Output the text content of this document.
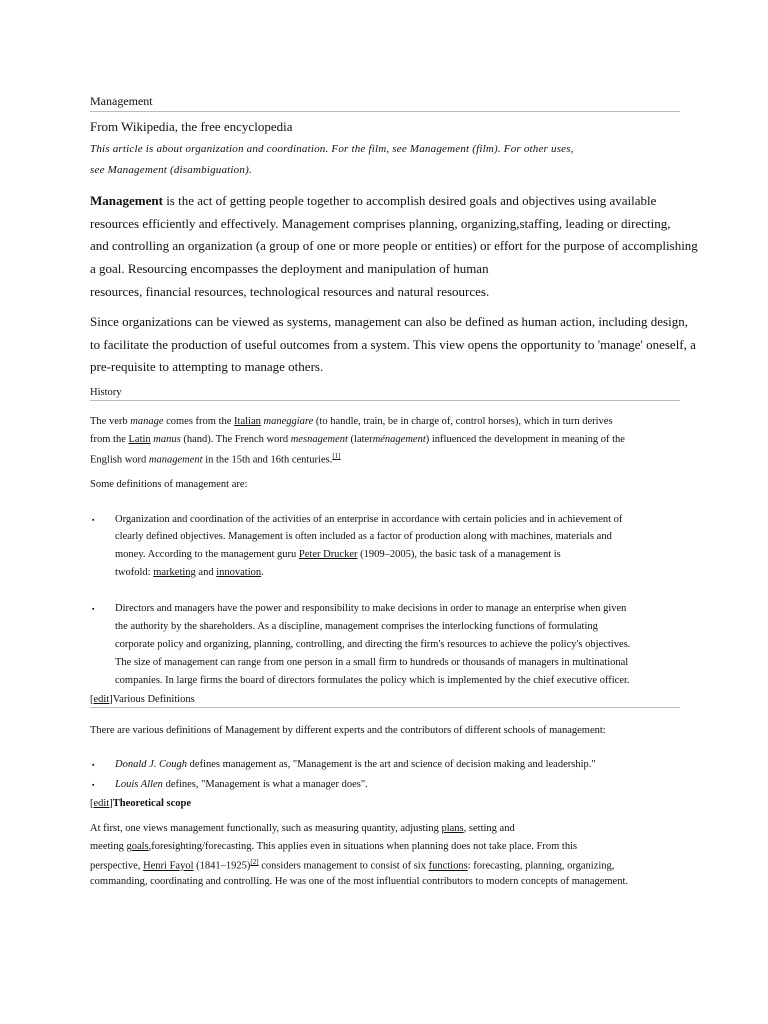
Management
From Wikipedia, the free encyclopedia
This article is about organization and coordination. For the film, see Management (film). For other uses,
see Management (disambiguation).
Management is the act of getting people together to accomplish desired goals and objectives using available
resources efficiently and effectively. Management comprises planning, organizing,staffing, leading or directing,
and controlling an organization (a group of one or more people or entities) or effort for the purpose of accomplishing
a goal. Resourcing encompasses the deployment and manipulation of human
resources, financial resources, technological resources and natural resources.
Since organizations can be viewed as systems, management can also be defined as human action, including design,
to facilitate the production of useful outcomes from a system. This view opens the opportunity to 'manage' oneself, a
pre-requisite to attempting to manage others.
History
The verb manage comes from the Italian maneggiare (to handle, train, be in charge of, control horses), which in turn derives
from the Latin manus (hand). The French word mesnagement (laterménagement) influenced the development in meaning of the
English word management in the 15th and 16th centuries.[1]
Some definitions of management are:
▪ Organization and coordination of the activities of an enterprise in accordance with certain policies and in achievement of
clearly defined objectives. Management is often included as a factor of production along with machines, materials and
money. According to the management guru Peter Drucker (1909–2005), the basic task of a management is
twofold: marketing and innovation.
▪ Directors and managers have the power and responsibility to make decisions in order to manage an enterprise when given
the authority by the shareholders. As a discipline, management comprises the interlocking functions of formulating
corporate policy and organizing, planning, controlling, and directing the firm's resources to achieve the policy's objectives.
The size of management can range from one person in a small firm to hundreds or thousands of managers in multinational
companies. In large firms the board of directors formulates the policy which is implemented by the chief executive officer.
[edit]Various Definitions
There are various definitions of Management by different experts and the contributors of different schools of management:
▪ Donald J. Cough defines management as, "Management is the art and science of decision making and leadership."
▪ Louis Allen defines, "Management is what a manager does".
[edit]Theoretical scope
At first, one views management functionally, such as measuring quantity, adjusting plans, setting and
meeting goals,foresighting/forecasting. This applies even in situations when planning does not take place. From this
perspective, Henri Fayol (1841–1925)[2] considers management to consist of six functions: forecasting, planning, organizing,
commanding, coordinating and controlling. He was one of the most influential contributors to modern concepts of management.
